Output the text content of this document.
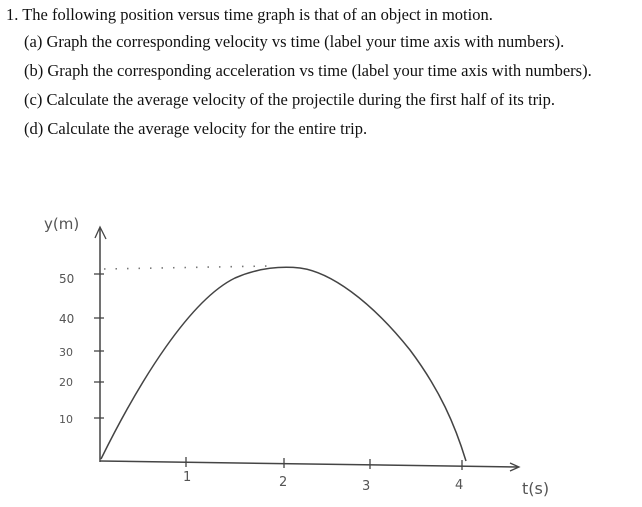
1. The following position versus time graph is that of an object in motion.

(a) Graph the corresponding velocity vs time (label your time axis with numbers).

(b) Graph the corresponding acceleration vs time (label your time axis with numbers).

(c) Calculate the average velocity of the projectile during the first half of its trip.

(d) Calculate the average velocity for the entire trip.

y(m)
t(s)
50
40
30
20
10
1	2	3	4
